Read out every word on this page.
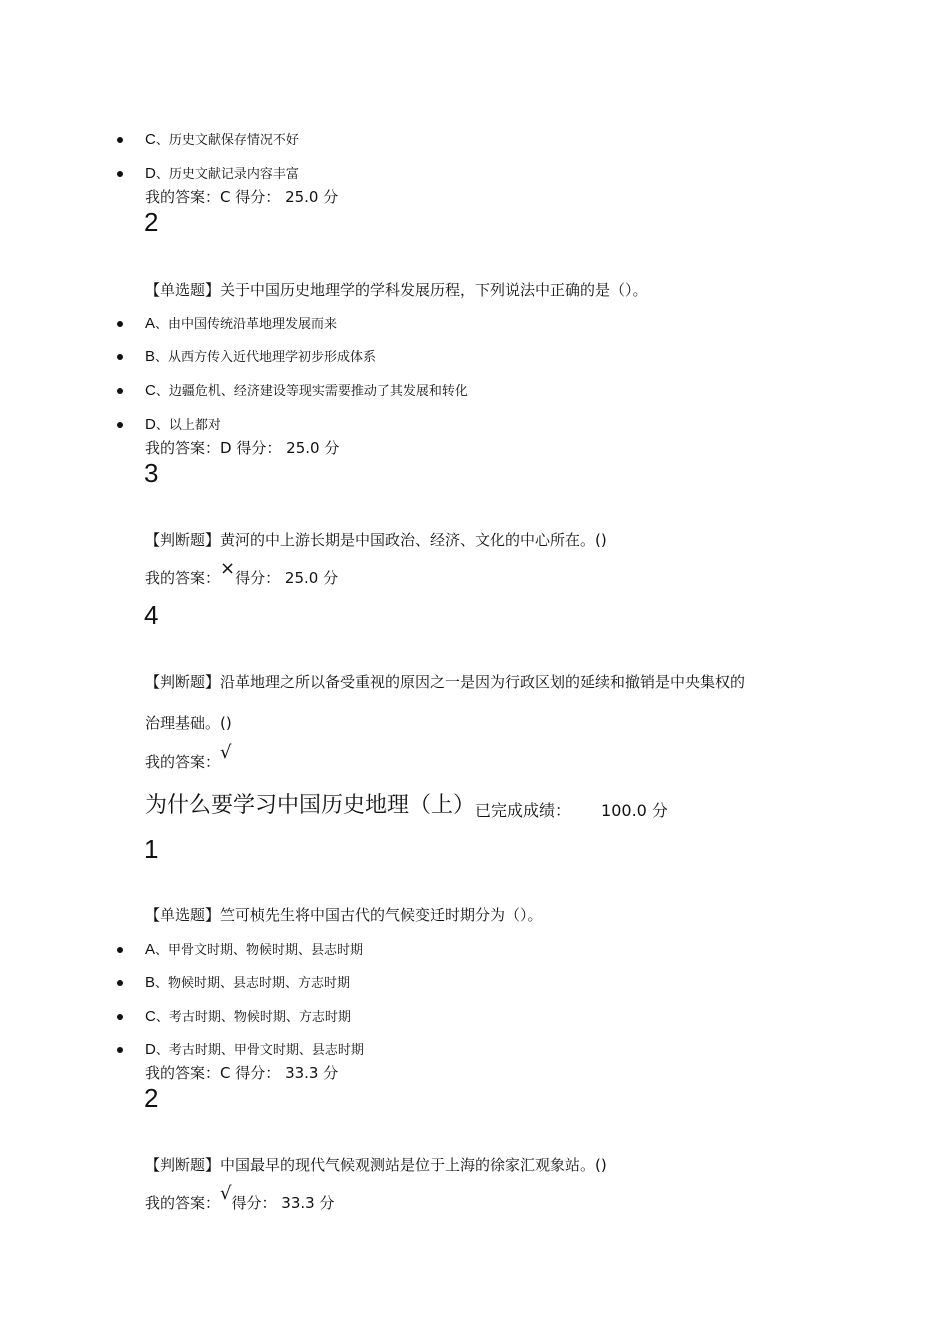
C、历史文献保存情况不好
D、历史文献记录内容丰富
我的答案：C 得分： 25.0 分
2
【单选题】关于中国历史地理学的学科发展历程，下列说法中正确的是（）。
A、由中国传统沿革地理发展而来
B、从西方传入近代地理学初步形成体系
C、边疆危机、经济建设等现实需要推动了其发展和转化
D、以上都对
我的答案：D 得分： 25.0 分
3
【判断题】黄河的中上游长期是中国政治、经济、文化的中心所在。()
我的答案：×得分： 25.0 分
4
【判断题】沿革地理之所以备受重视的原因之一是因为行政区划的延续和撤销是中央集权的
治理基础。()
我的答案：√
为什么要学习中国历史地理（上）已完成成绩： 100.0 分
1
【单选题】竺可桢先生将中国古代的气候变迁时期分为（）。
A、甲骨文时期、物候时期、县志时期
B、物候时期、县志时期、方志时期
C、考古时期、物候时期、方志时期
D、考古时期、甲骨文时期、县志时期
我的答案：C 得分： 33.3 分
2
【判断题】中国最早的现代气候观测站是位于上海的徐家汇观象站。()
我的答案：√得分： 33.3 分
